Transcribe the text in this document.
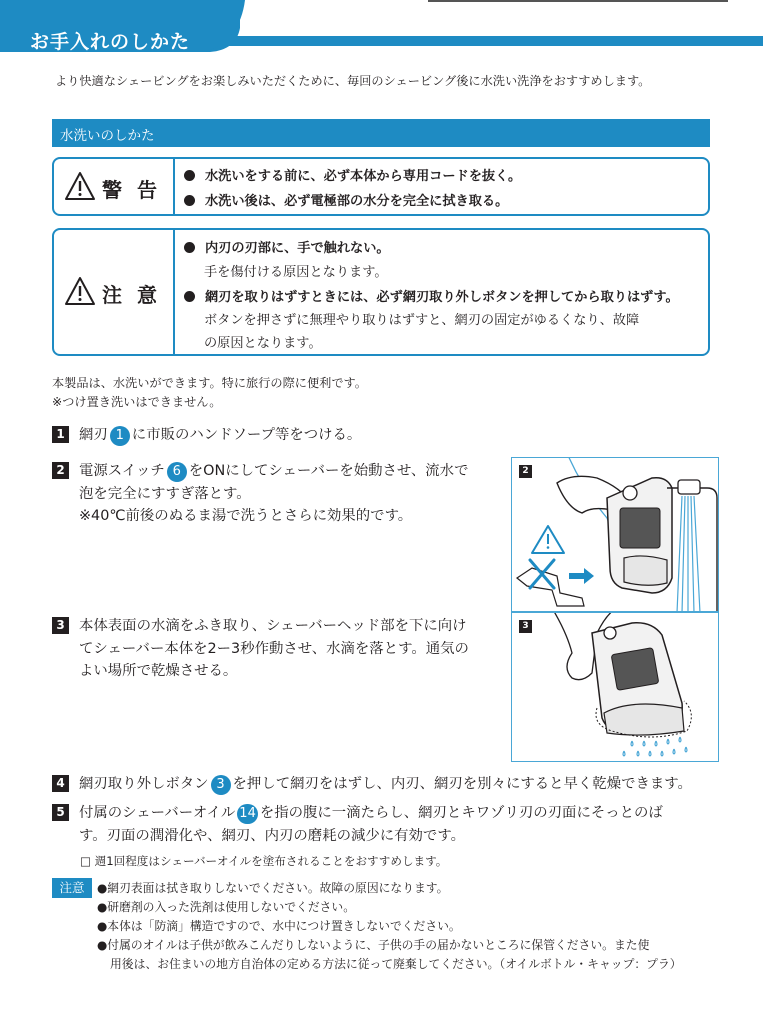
お手入れのしかた
より快適なシェービングをお楽しみいただくために、毎回のシェービング後に水洗い洗浄をおすすめします。
水洗いのしかた
警 告
水洗いをする前に、必ず本体から専用コードを抜く。
水洗い後は、必ず電極部の水分を完全に拭き取る。
注 意
内刃の刃部に、手で触れない。
手を傷付ける原因となります。
網刃を取りはずすときには、必ず網刃取り外しボタンを押してから取りはずす。
ボタンを押さずに無理やり取りはずすと、網刃の固定がゆるくなり、故障
の原因となります。
本製品は、水洗いができます。特に旅行の際に便利です。
※つけ置き洗いはできません。
1 網刃 1 に市販のハンドソープ等をつける。
2 電源スイッチ 6 をONにしてシェーバーを始動させ、流水で
泡を完全にすすぎ落とす。
※40℃前後のぬるま湯で洗うとさらに効果的です。
3 本体表面の水滴をふき取り、シェーバーヘッド部を下に向け
てシェーバー本体を2ー3秒作動させ、水滴を落とす。通気の
よい場所で乾燥させる。
2
3
4 網刃取り外しボタン 3 を押して網刃をはずし、内刃、網刃を別々にすると早く乾燥できます。
5 付属のシェーバーオイル 14 を指の腹に一滴たらし、網刃とキワゾリ刃の刃面にそっとのば
す。刃面の潤滑化や、網刃、内刃の磨耗の減少に有効です。
□ 週1回程度はシェーバーオイルを塗布されることをおすすめします。
注意	●網刃表面は拭き取りしないでください。故障の原因になります。
●研磨剤の入った洗剤は使用しないでください。
●本体は「防滴」構造ですので、水中につけ置きしないでください。
●付属のオイルは子供が飲みこんだりしないように、子供の手の届かないところに保管ください。また使
用後は、お住まいの地方自治体の定める方法に従って廃棄してください。（オイルボトル・キャップ：プラ）
